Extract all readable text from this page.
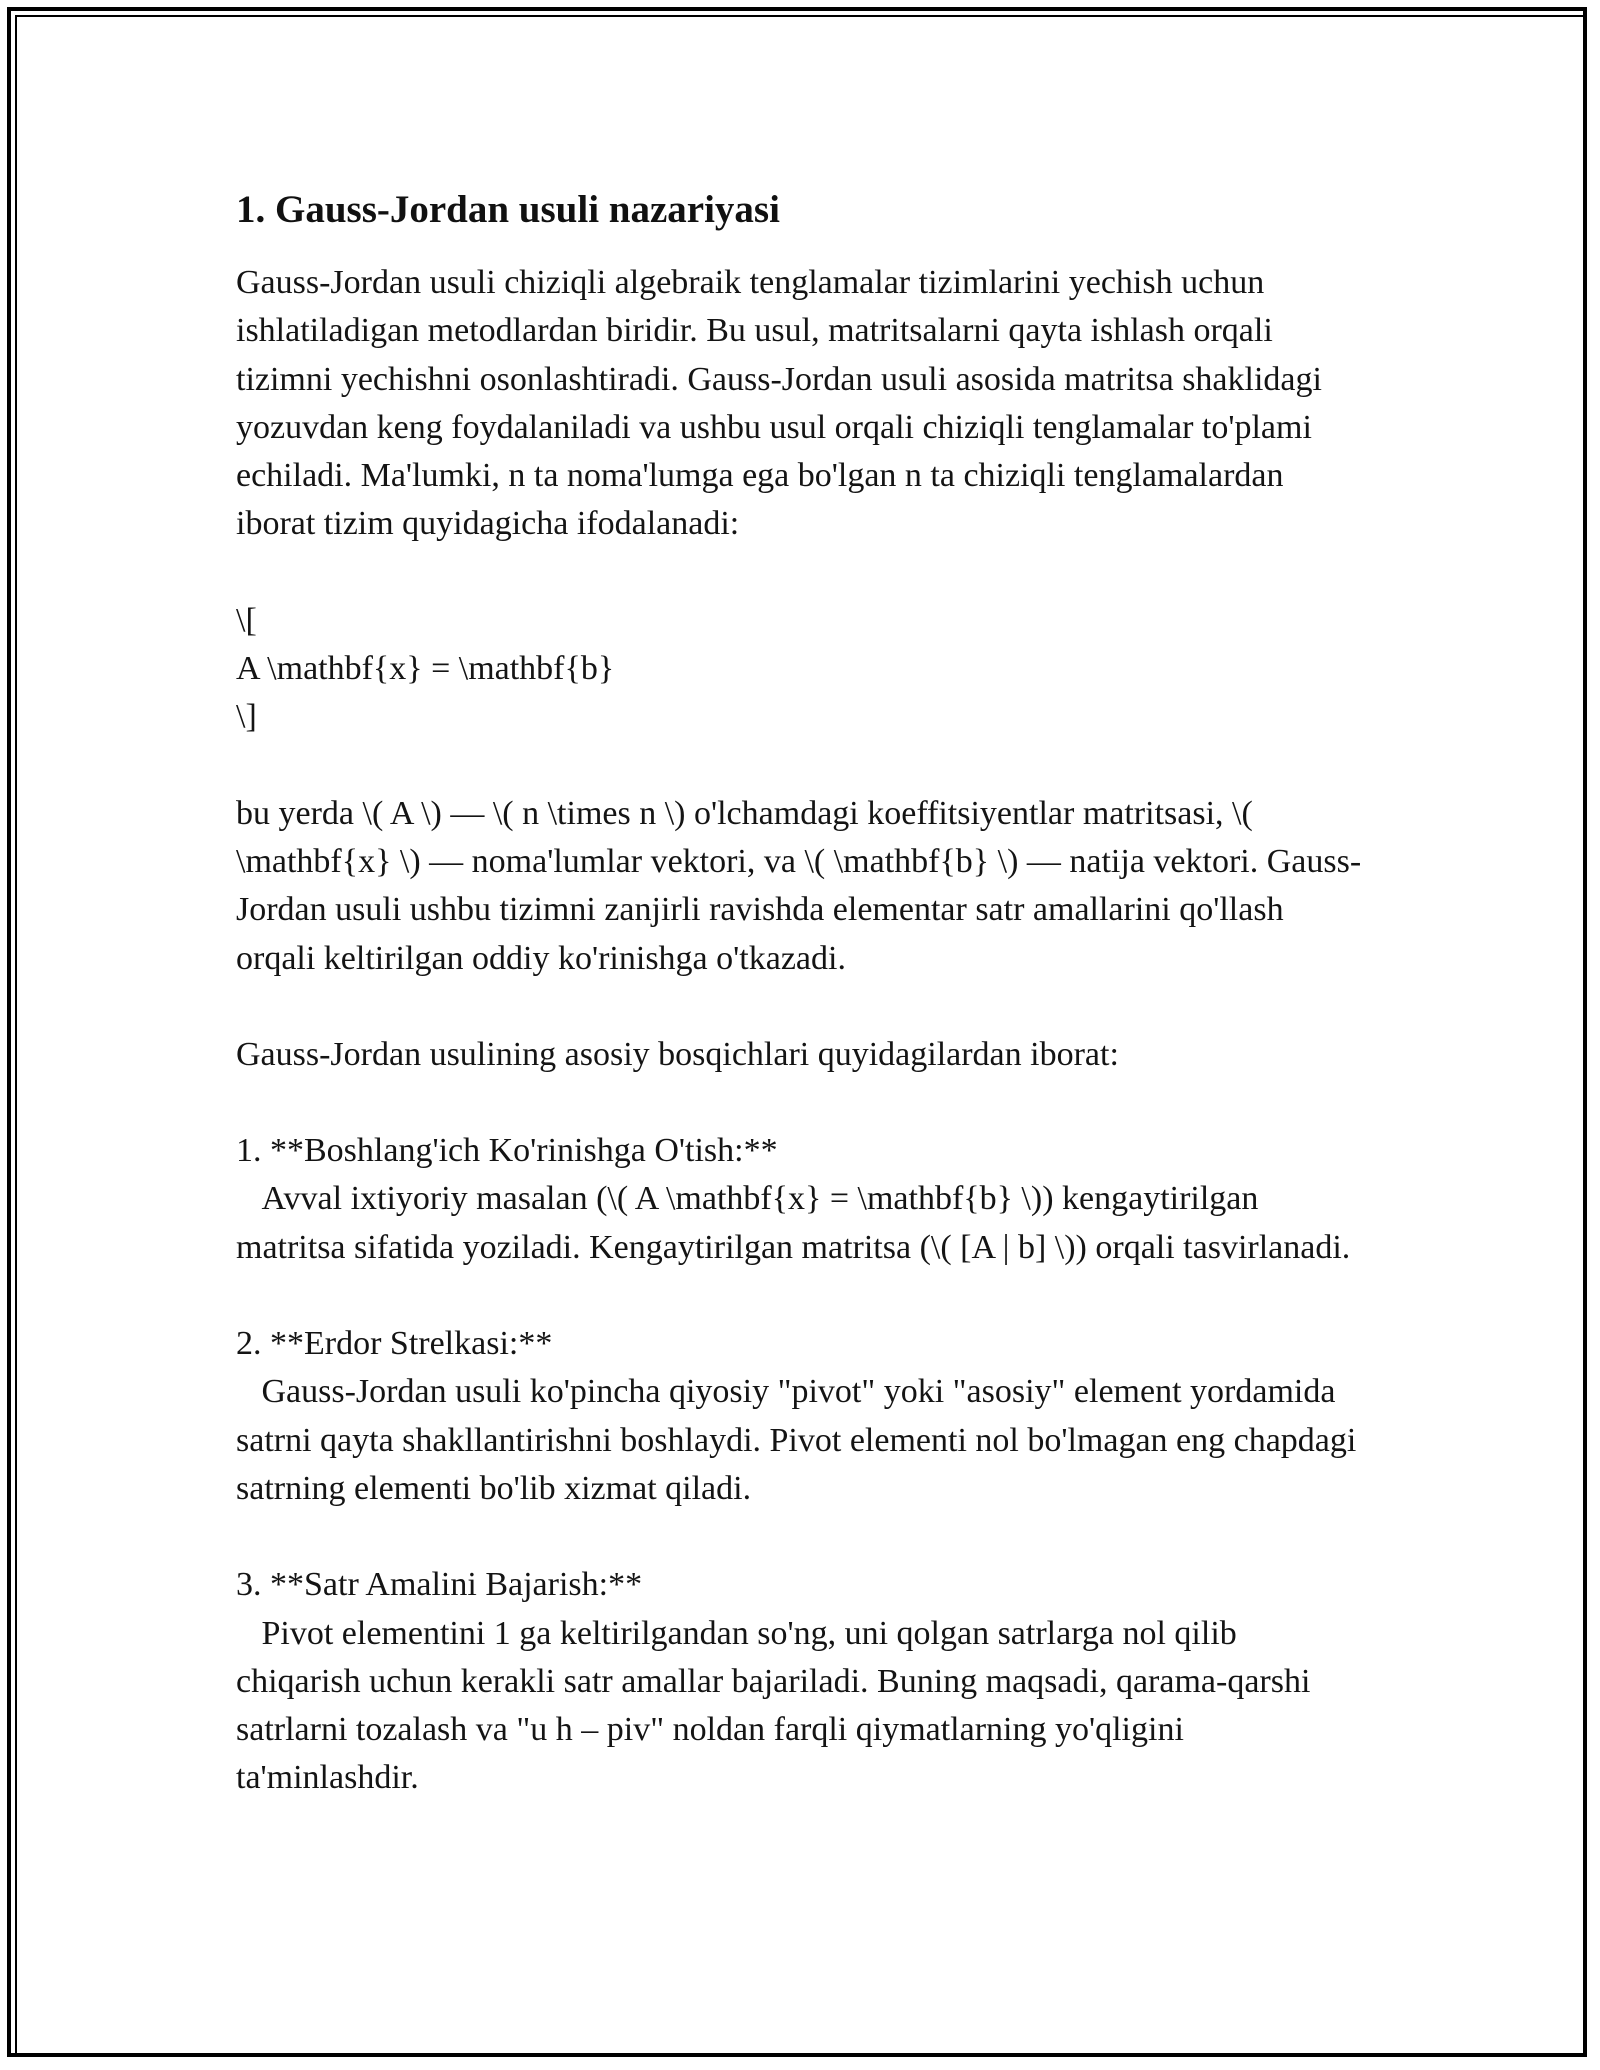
1. Gauss-Jordan usuli nazariyasi

Gauss-Jordan usuli chiziqli algebraik tenglamalar tizimlarini yechish uchun ishlatiladigan metodlardan biridir. Bu usul, matritsalarni qayta ishlash orqali tizimni yechishni osonlashtiradi. Gauss-Jordan usuli asosida matritsa shaklidagi yozuvdan keng foydalaniladi va ushbu usul orqali chiziqli tenglamalar to'plami echiladi. Ma'lumki, n ta noma'lumga ega bo'lgan n ta chiziqli tenglamalardan iborat tizim quyidagicha ifodalanadi:

\[
A \mathbf{x} = \mathbf{b}
\]

bu yerda \( A \) — \( n \times n \) o'lchamdagi koeffitsiyentlar matritsasi, \( \mathbf{x} \) — noma'lumlar vektori, va \( \mathbf{b} \) — natija vektori. Gauss-Jordan usuli ushbu tizimni zanjirli ravishda elementar satr amallarini qo'llash orqali keltirilgan oddiy ko'rinishga o'tkazadi.

Gauss-Jordan usulining asosiy bosqichlari quyidagilardan iborat:

1. **Boshlang'ich Ko'rinishga O'tish:**

Avval ixtiyoriy masalan (\( A \mathbf{x} = \mathbf{b} \)) kengaytirilgan matritsa sifatida yoziladi. Kengaytirilgan matritsa (\( [A | b] \)) orqali tasvirlanadi.

2. **Erdor Strelkasi:**

Gauss-Jordan usuli ko'pincha qiyosiy "pivot" yoki "asosiy" element yordamida satrni qayta shakllantirishni boshlaydi. Pivot elementi nol bo'lmagan eng chapdagi satrning elementi bo'lib xizmat qiladi.

3. **Satr Amalini Bajarish:**

Pivot elementini 1 ga keltirilgandan so'ng, uni qolgan satrlarga nol qilib chiqarish uchun kerakli satr amallar bajariladi. Buning maqsadi, qarama-qarshi satrlarni tozalash va "u h – piv" noldan farqli qiymatlarning yo'qligini ta'minlashdir.
